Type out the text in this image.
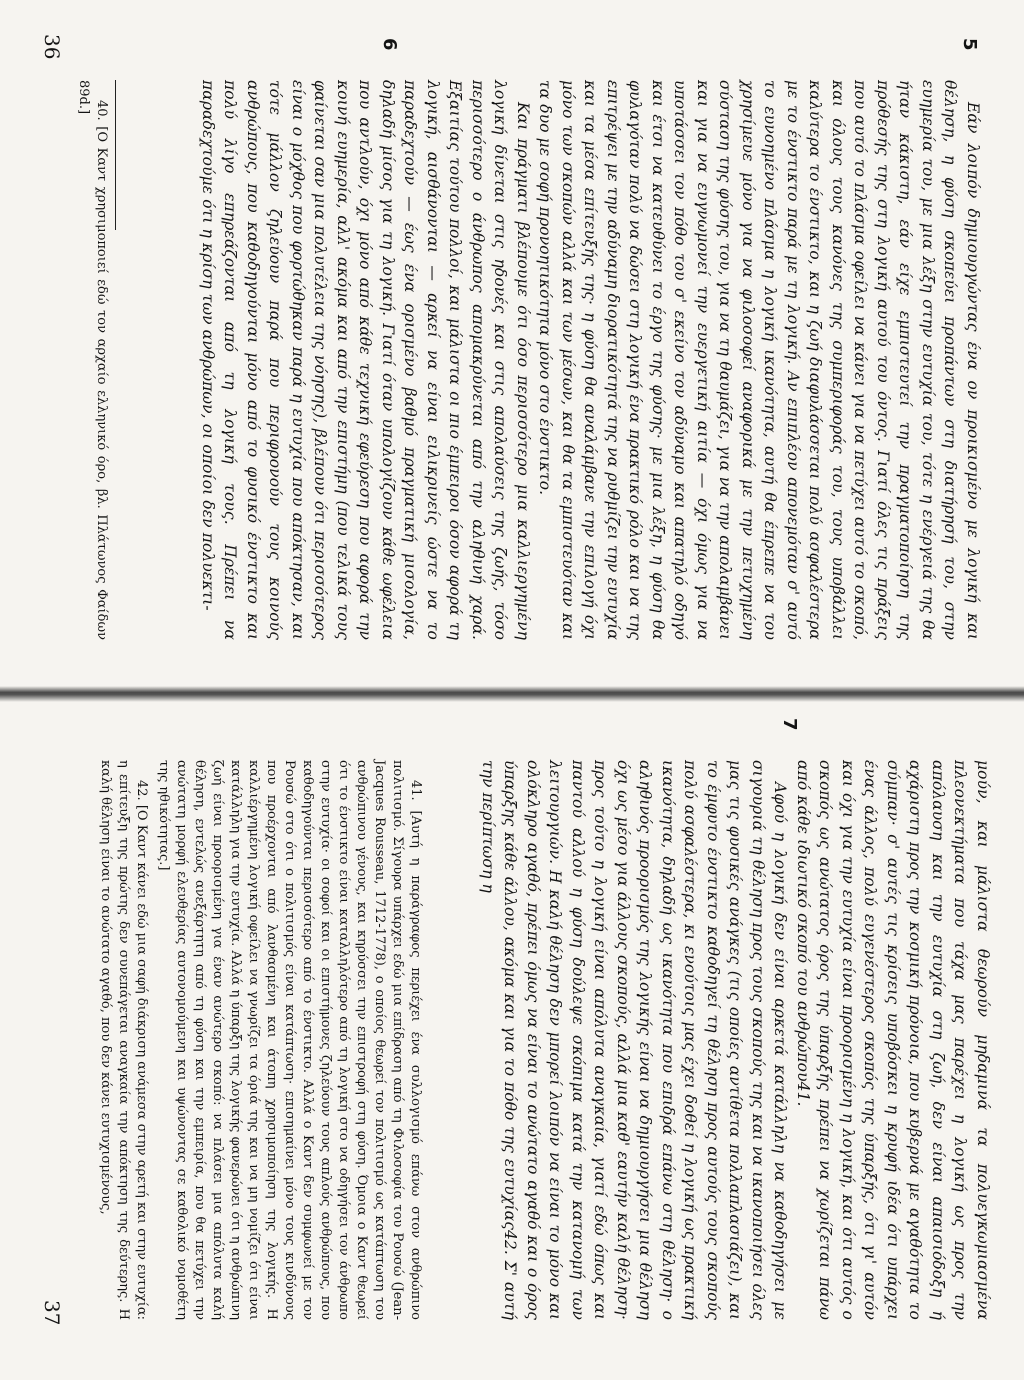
Εάν λοιπόν δημιουργώντας ένα ον προικισμένο με λογική και θέληση, η φύση σκοπεύει προπάντων στη διατήρησή του, στην ευημερία του, με μια λέξη στην ευτυχία του, τότε η ενέργειά της θα ήταν κάκιστη, εάν είχε εμπιστευτεί την πραγματοποίηση της πρόθεσής της στη λογική αυτού του όντος. Γιατί όλες τις πράξεις που αυτό το πλάσμα οφείλει να κάνει για να πετύχει αυτό το σκοπό, και όλους τους κανόνες της συμπεριφοράς του, τους υποβάλλει καλύτερα το ένστικτο, και η ζωή διαφυλάσσεται πολύ ασφαλέστερα με το ένστικτο παρά με τη λογική. Αν επιπλέον απονεμόταν σ' αυτό το ευνοημένο πλάσμα η λογική ικανότητα, αυτή θα έπρεπε να του χρησίμευε μόνο για να φιλοσοφεί αναφορικά με την πετυχημένη σύσταση της φύσης του, για να τη θαυμάζει, για να την απολαμβάνει και για να ευγνωμονεί την ευεργετική αιτία — όχι όμως για να υποτάσσει τον πόθο του σ' εκείνο τον αδύναμο και απατηλό οδηγό και έτσι να κατευθύνει το έργο της φύσης· με μια λέξη, η φύση θα φυλαγόταν πολύ να δώσει στη λογική ένα πρακτικό ρόλο και να της επιτρέψει με την αδύναμη διορατικότητά της να ρυθμίζει την ευτυχία και τα μέσα επίτευξής της· η φύση θα αναλάμβανε την επιλογή όχι μόνο των σκοπών αλλά και των μέσων, και θα τα εμπιστευόταν και τα δυο με σοφή προνοητικότητα μόνο στο ένστικτο.

Και πράγματι βλέπουμε ότι όσο περισσότερο μια καλλιεργημένη λογική δίνεται στις ηδονές και στις απολαύσεις της ζωής, τόσο περισσότερο ο άνθρωπος απομακρύνεται από την αληθινή χαρά. Εξαιτίας τούτου πολλοί, και μάλιστα οι πιο έμπειροι όσον αφορά τη λογική, αισθάνονται — αρκεί να είναι ειλικρινείς ώστε να το παραδεχτούν — έως ένα ορισμένο βαθμό πραγματική μισολογία, δηλαδή μίσος για τη λογική. Γιατί όταν υπολογίζουν κάθε ωφέλεια που αντλούν, όχι μόνο από κάθε τεχνική εφεύρεση που αφορά την κοινή ευημερία, αλλ' ακόμα και από την επιστήμη (που τελικά τους φαίνεται σαν μια πολυτέλεια της νόησης), βλέπουν ότι περισσότερος είναι ο μόχθος που φορτώθηκαν παρά η ευτυχία που απόκτησαν, και τότε μάλλον ζηλεύουν παρά που περιφρονούν τους κοινούς ανθρώπους, που καθοδηγούνται μόνο από το φυσικό ένστικτο και πολύ λίγο επηρεάζονται από τη λογική τους. Πρέπει να παραδεχτούμε ότι η κρίση των ανθρώπων, οι οποίοι δεν πολυεκτι-

5
6

40. [Ο Καντ χρησιμοποιεί εδώ τον αρχαίο ελληνικό όρο, βλ. Πλάτωνος Φαίδων 89d.]

36

μούν, και μάλιστα θεωρούν μηδαμινά τα πολυεγκωμιασμένα πλεονεκτήματα που τάχα μας παρέχει η λογική ως προς την απόλαυση και την ευτυχία στη ζωή, δεν είναι απαισιόδοξη ή αχάριστη προς την κοσμική πρόνοια, που κυβερνά με αγαθότητα το σύμπαν· σ' αυτές τις κρίσεις υποβόσκει η κρυφή ιδέα ότι υπάρχει ένας άλλος, πολύ ευγενέστερος σκοπός της ύπαρξής, ότι γι' αυτόν και όχι για την ευτυχία είναι προορισμένη η λογική, και ότι αυτός ο σκοπός ως ανώτατος όρος της ύπαρξής πρέπει να χωρίζεται πάνω από κάθε ιδιωτικό σκοπό του ανθρώπου41.

Αφού η λογική δεν είναι αρκετά κατάλληλη να καθοδηγήσει με σιγουριά τη θέληση προς τους σκοπούς της και να ικανοποιήσει όλες μας τις φυσικές ανάγκες (τις οποίες αντίθετα πολλαπλασιάζει), και το έμφυτο ένστικτο καθοδηγεί τη θέληση προς αυτούς τους σκοπούς πολύ ασφαλέστερα, κι ενούτοις μας έχει δοθεί η λογική ως πρακτική ικανότητα, δηλαδή ως ικανότητα που επιδρά επάνω στη θέληση· ο αληθινός προορισμός της λογικής είναι να δημιουργήσει μια θέληση όχι ως μέσο για άλλους σκοπούς, αλλά μια καθ' εαυτήν καλή θέληση· προς τούτο η λογική είναι απόλυτα αναγκαία, γιατί εδώ όπως και παντού αλλού η φύση δούλεψε σκόπιμα κατά την κατανομή των λειτουργιών. Η καλή θέληση δεν μπορεί λοιπόν να είναι το μόνο και ολόκληρο αγαθό, πρέπει όμως να είναι το ανώτατο αγαθό και ο όρος ύπαρξης κάθε άλλου, ακόμα και για το πόθο της ευτυχίας42. Σ' αυτή την περίπτωση η

7

41. [Αυτή η παράγραφος περιέχει ένα συλλογισμό επάνω στον ανθρώπινο πολιτισμό. Σίγουρα υπάρχει εδώ μια επίδραση από τη Φιλοσοφία του Ρουσώ (Jean-Jacques Rousseau, 1712-1778), ο οποίος θεωρεί τον πολιτισμό ως κατάπτωση του ανθρώπινου γένους, και κηρύσσει την επιστροφή στη φύση. Όμοια ο Καντ θεωρεί ότι το ένστικτο είναι καταλληλότερο από τη λογική στο να οδηγήσει τον άνθρωπο στην ευτυχία· οι σοφοί και οι επιστήμονες ζηλεύουν τους απλούς ανθρώπους, που καθοδηγούνται περισσότερο από το ένστικτο. Αλλά ο Καντ δεν συμφωνεί με τον Ρουσώ στο ότι ο πολιτισμός είναι κατάπτωση· επισημαίνει μόνο τους κινδύνους που προέρχονται από λανθασμένη και άτοπη χρησιμοποίηση της λογικής. Η καλλιέργημένη λογική οφείλει να γνωρίζει τα όριά της και να μη νομίζει ότι είναι κατάλληλη για την ευτυχία. Αλλά η ύπαρξη της λογικής φανερώνει ότι η ανθρώπινη ζωή είναι προορισμένη για έναν ανώτερο σκοπό: να πλάσει μια απόλυτα καλή θέληση, εντελώς ανεξάρτητη από τη φύση και την εμπειρία, που θα πετύχει την ανώτατη μορφή ελευθερίας αυτονομούμενη και υψώνοντας σε καθολικό νομοθέτη της ηθικότητας.]

42. [Ο Καντ κάνει εδώ μια σαφή διάκριση ανάμεσα στην αρετή και στην ευτυχία: η επίτευξη της πρώτης δεν συνεπάγεται αναγκαία την απόκτηση της δεύτερης. Η καλή θέληση είναι το ανώτατο αγαθό, που δεν κάνει ευτυχισμένους,

37
